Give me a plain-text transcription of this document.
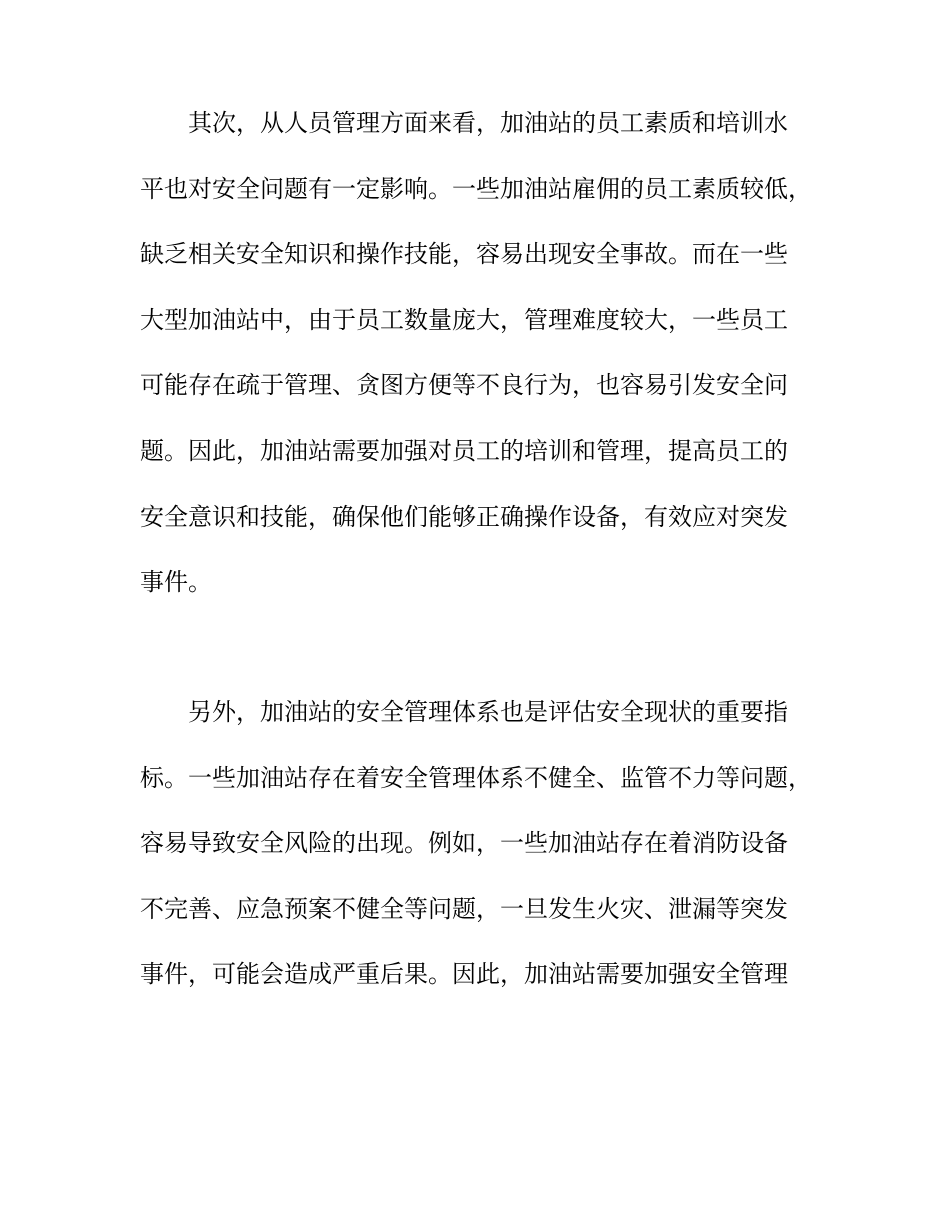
其次，从人员管理方面来看，加油站的员工素质和培训水
平也对安全问题有一定影响。一些加油站雇佣的员工素质较低，
缺乏相关安全知识和操作技能，容易出现安全事故。而在一些
大型加油站中，由于员工数量庞大，管理难度较大，一些员工
可能存在疏于管理、贪图方便等不良行为，也容易引发安全问
题。因此，加油站需要加强对员工的培训和管理，提高员工的
安全意识和技能，确保他们能够正确操作设备，有效应对突发
事件。
另外，加油站的安全管理体系也是评估安全现状的重要指
标。一些加油站存在着安全管理体系不健全、监管不力等问题，
容易导致安全风险的出现。例如，一些加油站存在着消防设备
不完善、应急预案不健全等问题，一旦发生火灾、泄漏等突发
事件，可能会造成严重后果。因此，加油站需要加强安全管理
